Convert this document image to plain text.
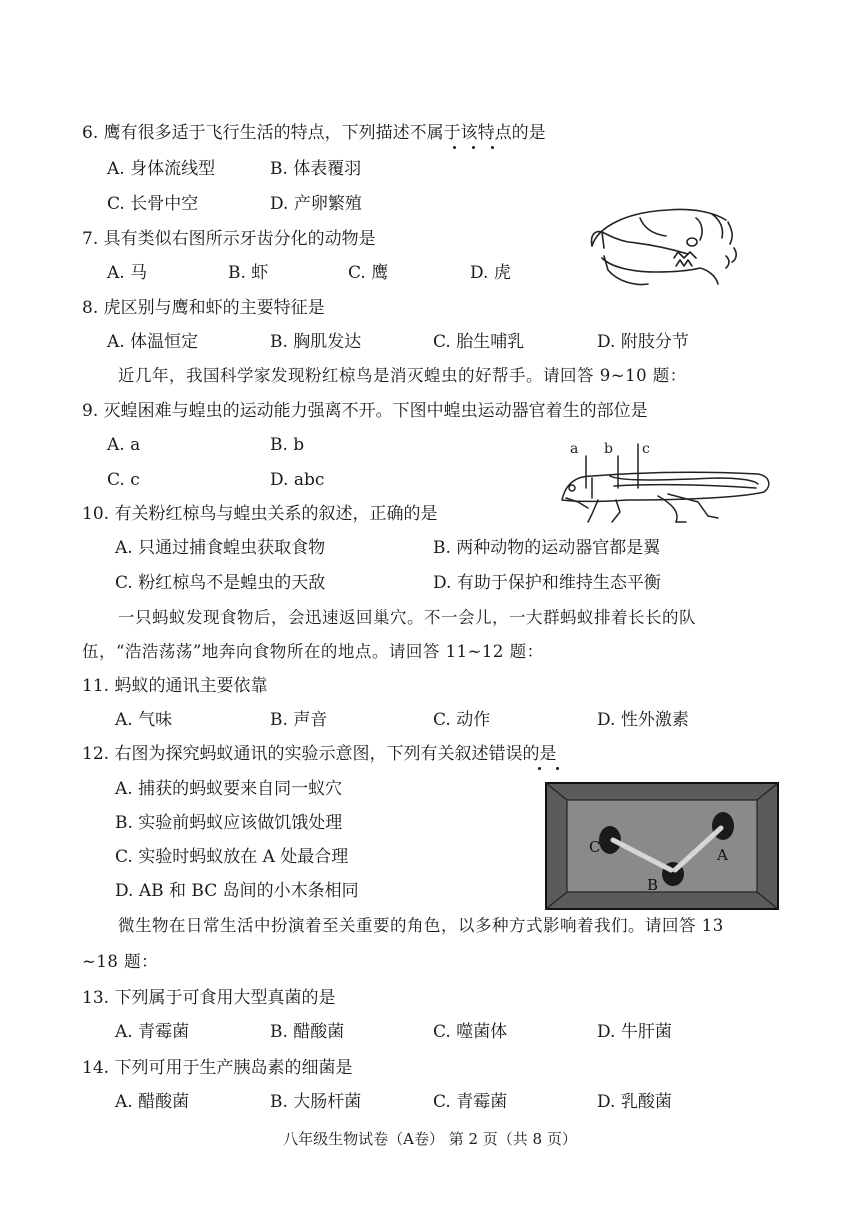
6. 鹰有很多适于飞行生活的特点，下列描述不属于该特点的是
A. 身体流线型	B. 体表覆羽
C. 长骨中空	D. 产卵繁殖
7. 具有类似右图所示牙齿分化的动物是
A. 马	B. 虾	C. 鹰	D. 虎
8. 虎区别与鹰和虾的主要特征是
A. 体温恒定	B. 胸肌发达	C. 胎生哺乳	D. 附肢分节
近几年，我国科学家发现粉红椋鸟是消灭蝗虫的好帮手。请回答 9~10 题：
9. 灭蝗困难与蝗虫的运动能力强离不开。下图中蝗虫运动器官着生的部位是
A. a	B. b
C. c	D. abc
a b c
10. 有关粉红椋鸟与蝗虫关系的叙述，正确的是
A. 只通过捕食蝗虫获取食物	B. 两种动物的运动器官都是翼
C. 粉红椋鸟不是蝗虫的天敌	D. 有助于保护和维持生态平衡
一只蚂蚁发现食物后，会迅速返回巢穴。不一会儿，一大群蚂蚁排着长长的队
伍，“浩浩荡荡”地奔向食物所在的地点。请回答 11~12 题：
11. 蚂蚁的通讯主要依靠
A. 气味	B. 声音	C. 动作	D. 性外激素
12. 右图为探究蚂蚁通讯的实验示意图，下列有关叙述错误的是
A. 捕获的蚂蚁要来自同一蚁穴
B. 实验前蚂蚁应该做饥饿处理
C. 实验时蚂蚁放在 A 处最合理
D. AB 和 BC 岛间的小木条相同
C
B
A
微生物在日常生活中扮演着至关重要的角色，以多种方式影响着我们。请回答 13
~18 题：
13. 下列属于可食用大型真菌的是
A. 青霉菌	B. 醋酸菌	C. 噬菌体	D. 牛肝菌
14. 下列可用于生产胰岛素的细菌是
A. 醋酸菌	B. 大肠杆菌	C. 青霉菌	D. 乳酸菌
八年级生物试卷（A卷） 第 2 页（共 8 页）
